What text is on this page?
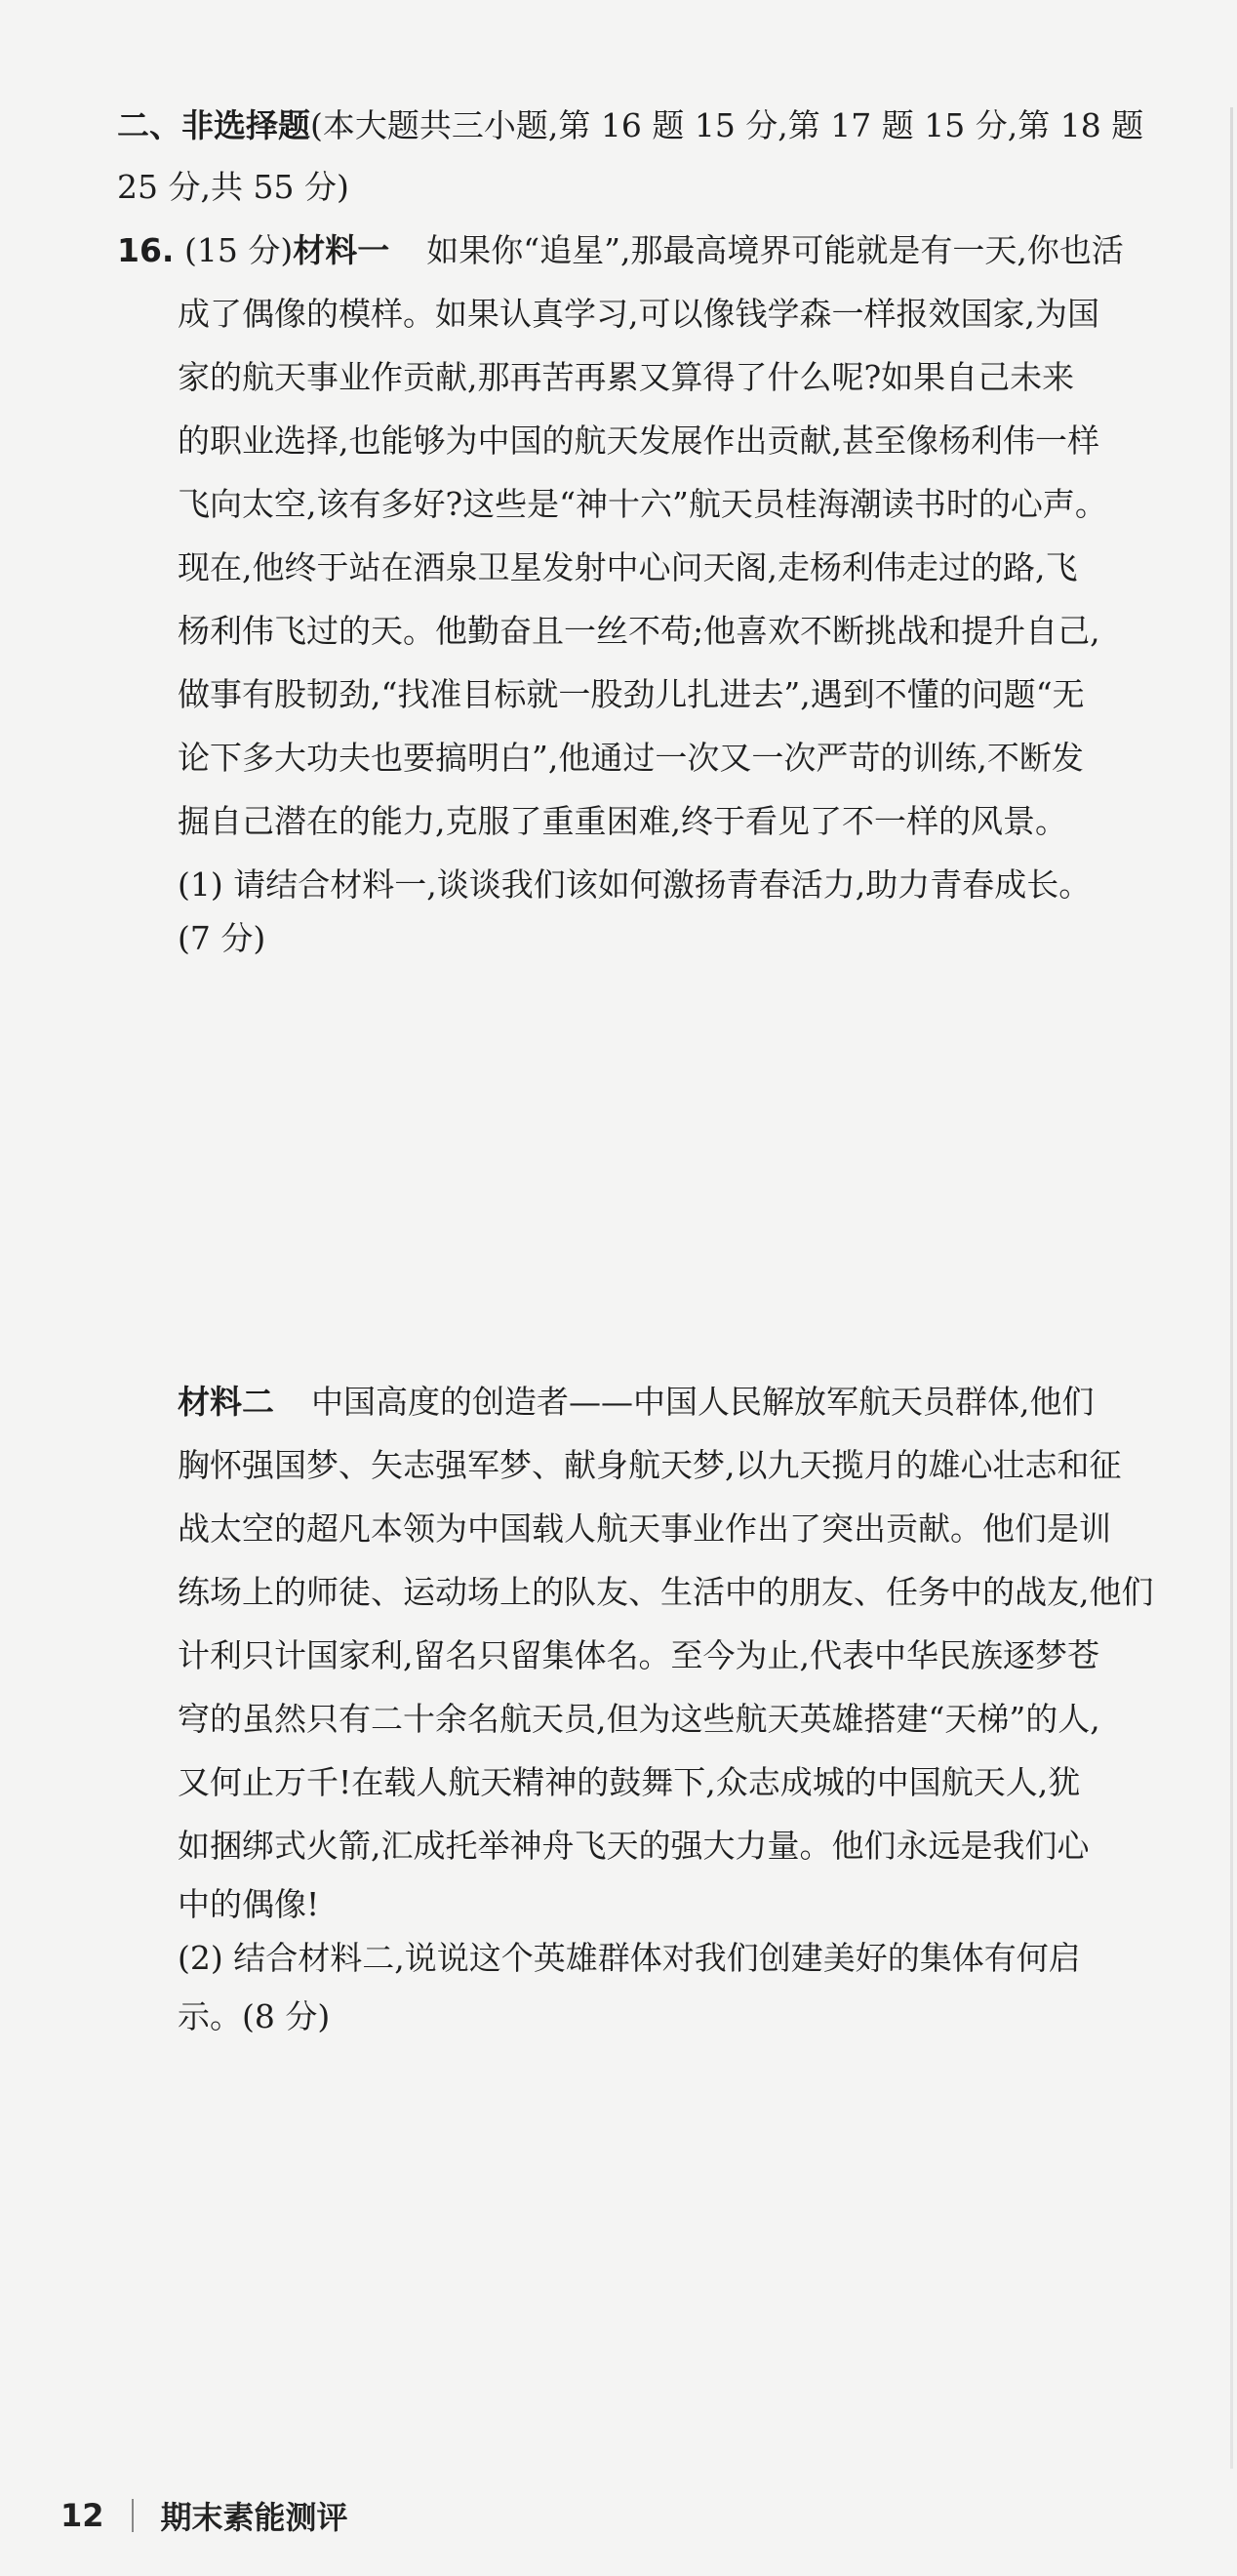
二、非选择题(本大题共三小题,第 16 题 15 分,第 17 题 15 分,第 18 题
25 分,共 55 分)
16. (15 分)材料一 如果你“追星”,那最高境界可能就是有一天,你也活
成了偶像的模样。如果认真学习,可以像钱学森一样报效国家,为国
家的航天事业作贡献,那再苦再累又算得了什么呢?如果自己未来
的职业选择,也能够为中国的航天发展作出贡献,甚至像杨利伟一样
飞向太空,该有多好?这些是“神十六”航天员桂海潮读书时的心声。
现在,他终于站在酒泉卫星发射中心问天阁,走杨利伟走过的路,飞
杨利伟飞过的天。他勤奋且一丝不苟;他喜欢不断挑战和提升自己,
做事有股韧劲,“找准目标就一股劲儿扎进去”,遇到不懂的问题“无
论下多大功夫也要搞明白”,他通过一次又一次严苛的训练,不断发
掘自己潜在的能力,克服了重重困难,终于看见了不一样的风景。
(1) 请结合材料一,谈谈我们该如何激扬青春活力,助力青春成长。
(7 分)
材料二 中国高度的创造者——中国人民解放军航天员群体,他们
胸怀强国梦、矢志强军梦、献身航天梦,以九天揽月的雄心壮志和征
战太空的超凡本领为中国载人航天事业作出了突出贡献。他们是训
练场上的师徒、运动场上的队友、生活中的朋友、任务中的战友,他们
计利只计国家利,留名只留集体名。至今为止,代表中华民族逐梦苍
穹的虽然只有二十余名航天员,但为这些航天英雄搭建“天梯”的人,
又何止万千!在载人航天精神的鼓舞下,众志成城的中国航天人,犹
如捆绑式火箭,汇成托举神舟飞天的强大力量。他们永远是我们心
中的偶像!
(2) 结合材料二,说说这个英雄群体对我们创建美好的集体有何启
示。(8 分)
12 期末素能测评
